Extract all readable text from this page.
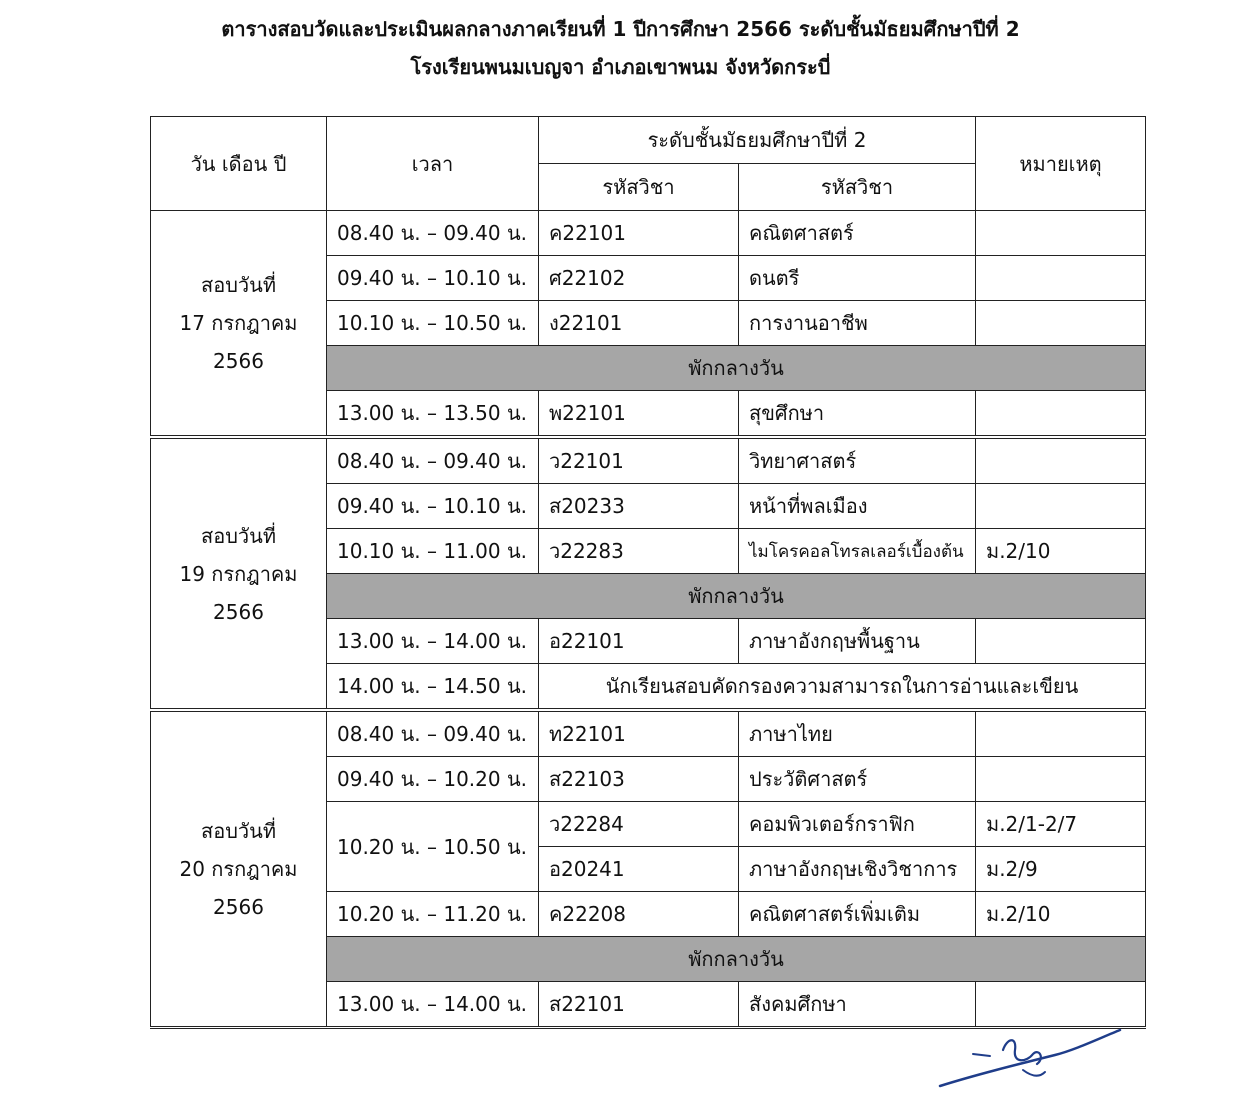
ตารางสอบวัดและประเมินผลกลางภาคเรียนที่ 1 ปีการศึกษา 2566 ระดับชั้นมัธยมศึกษาปีที่ 2
โรงเรียนพนมเบญจา อำเภอเขาพนม จังหวัดกระบี่
วัน เดือน ปี	เวลา	ระดับชั้นมัธยมศึกษาปีที่ 2		หมายเหตุ
		รหัสวิชา	รหัสวิชา	

สอบวันที่
17 กรกฎาคม
2566	08.40 น. – 09.40 น.	ค22101	คณิตศาสตร์	
	09.40 น. – 10.10 น.	ศ22102	ดนตรี	
	10.10 น. – 10.50 น.	ง22101	การงานอาชีพ	
	พักกลางวัน			
	13.00 น. – 13.50 น.	พ22101	สุขศึกษา	

สอบวันที่
19 กรกฎาคม
2566	08.40 น. – 09.40 น.	ว22101	วิทยาศาสตร์	
	09.40 น. – 10.10 น.	ส20233	หน้าที่พลเมือง	
	10.10 น. – 11.00 น.	ว22283	ไมโครคอลโทรลเลอร์เบื้องต้น	ม.2/10
	พักกลางวัน			
	13.00 น. – 14.00 น.	อ22101	ภาษาอังกฤษพื้นฐาน	
	14.00 น. – 14.50 น.	นักเรียนสอบคัดกรองความสามารถในการอ่านและเขียน		

สอบวันที่
20 กรกฎาคม
2566	08.40 น. – 09.40 น.	ท22101	ภาษาไทย	
	09.40 น. – 10.20 น.	ส22103	ประวัติศาสตร์	
	10.20 น. – 10.50 น.	ว22284	คอมพิวเตอร์กราฟิก	ม.2/1-2/7
		อ20241	ภาษาอังกฤษเชิงวิชาการ	ม.2/9
	10.20 น. – 11.20 น.	ค22208	คณิตศาสตร์เพิ่มเติม	ม.2/10
	พักกลางวัน			
	13.00 น. – 14.00 น.	ส22101	สังคมศึกษา	
